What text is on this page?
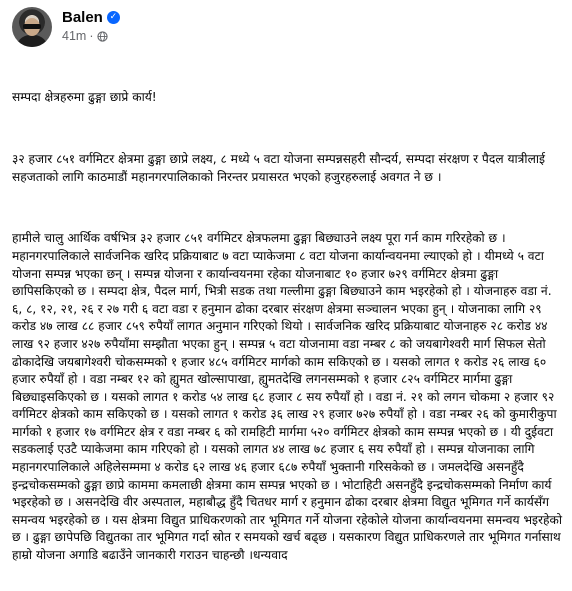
Balen ✓
41m ·

सम्पदा क्षेत्रहरुमा ढुङ्गा छाप्रे कार्य!

३२ हजार ८५१ वर्गमिटर क्षेत्रमा ढुङ्गा छाप्रे लक्ष्य, ८ मध्ये ५ वटा योजना सम्पन्नसहरी सौन्दर्य, सम्पदा संरक्षण र पैदल यात्रीलाई सहजताको लागि काठमाडौं महानगरपालिकाको निरन्तर प्रयासरत भएको हजुरहरुलाई अवगत ने छ ।

हामीले चालु आर्थिक वर्षभित्र ३२ हजार ८५१ वर्गमिटर क्षेत्रफलमा ढुङ्गा बिछ्याउने लक्ष्य पूरा गर्न काम गरिरहेको छ । महानगरपालिकाले सार्वजनिक खरिद प्रक्रियाबाट ७ वटा प्याकेजमा ८ वटा योजना कार्यान्वयनमा ल्याएको हो । यीमध्ये ५ वटा योजना सम्पन्न भएका छन् । सम्पन्न योजना र कार्यान्वयनमा रहेका योजनाबाट १० हजार ७२९ वर्गमिटर क्षेत्रमा ढुङ्गा छापिसकिएको छ । सम्पदा क्षेत्र, पैदल मार्ग, भित्री सडक तथा गल्लीमा ढुङ्गा बिछ्याउने काम भइरहेको हो । योजनाहरु वडा नं. ६, ८, १२, २१, २६ र २७ गरी ६ वटा वडा र हनुमान ढोका दरबार संरक्षण क्षेत्रमा सञ्चालन भएका हुन् । योजनाका लागि २९ करोड ४७ लाख ८८ हजार ८५९ रुपैयाँ लागत अनुमान गरिएको थियो । सार्वजनिक खरिद प्रक्रियाबाट योजनाहरु २८ करोड ४४ लाख ९२ हजार ४२७ रुपैयाँमा सम्झौता भएका हुन् । सम्पन्न ५ वटा योजनामा वडा नम्बर ८ को जयबागेश्वरी मार्ग सिफल सेतो ढोकादेखि जयबागेश्वरी चोकसम्मको १ हजार ४८५ वर्गमिटर मार्गको काम सकिएको छ । यसको लागत १ करोड २६ लाख ६० हजार रुपैयाँ हो । वडा नम्बर १२ को ह्युमत खोल्सापाखा, ह्युमतदेखि लगनसम्मको १ हजार ८२५ वर्गमिटर मार्गमा ढुङ्गा बिछ्याइसकिएको छ । यसको लागत १ करोड ५४ लाख ६८ हजार ८ सय रुपैयाँ हो । वडा नं. २१ को लगन चोकमा २ हजार ९२ वर्गमिटर क्षेत्रको काम सकिएको छ । यसको लागत १ करोड ३६ लाख २९ हजार ७२७ रुपैयाँ हो । वडा नम्बर २६ को कुमारीकुपा मार्गको १ हजार १७ वर्गमिटर क्षेत्र र वडा नम्बर ६ को रामहिटी मार्गमा ५२० वर्गमिटर क्षेत्रको काम सम्पन्न भएको छ । यी दुईवटा सडकलाई एउटै प्याकेजमा काम गरिएको हो । यसको लागत ४४ लाख ७८ हजार ६ सय रुपैयाँ हो । सम्पन्न योजनाका लागि महानगरपालिकाले अहिलेसम्ममा ४ करोड ६२ लाख ४६ हजार ६८७ रुपैयाँ भुक्तानी गरिसकेको छ । जमलदेखि असनहुँदै इन्द्रचोकसम्मको ढुङ्गा छाप्रे काममा कमलाछी क्षेत्रमा काम सम्पन्न भएको छ । भोटाहिटी असनहुँदै इन्द्रचोकसम्मको निर्माण कार्य भइरहेको छ । असनदेखि वीर अस्पताल, महाबौद्ध हुँदै चितधर मार्ग र हनुमान ढोका दरबार क्षेत्रमा विद्युत भूमिगत गर्ने कार्यसँग समन्वय भइरहेको छ । यस क्षेत्रमा विद्युत प्राधिकरणको तार भूमिगत गर्ने योजना रहेकोले योजना कार्यान्वयनमा समन्वय भइरहेको छ । ढुङ्गा छापेपछि विद्युतका तार भूमिगत गर्दा स्रोत र समयको खर्च बढ्छ । यसकारण विद्युत प्राधिकरणले तार भूमिगत गर्नासाथ हाम्रो योजना अगाडि बढाउँने जानकारी गराउन चाहन्छौ ।धन्यवाद
